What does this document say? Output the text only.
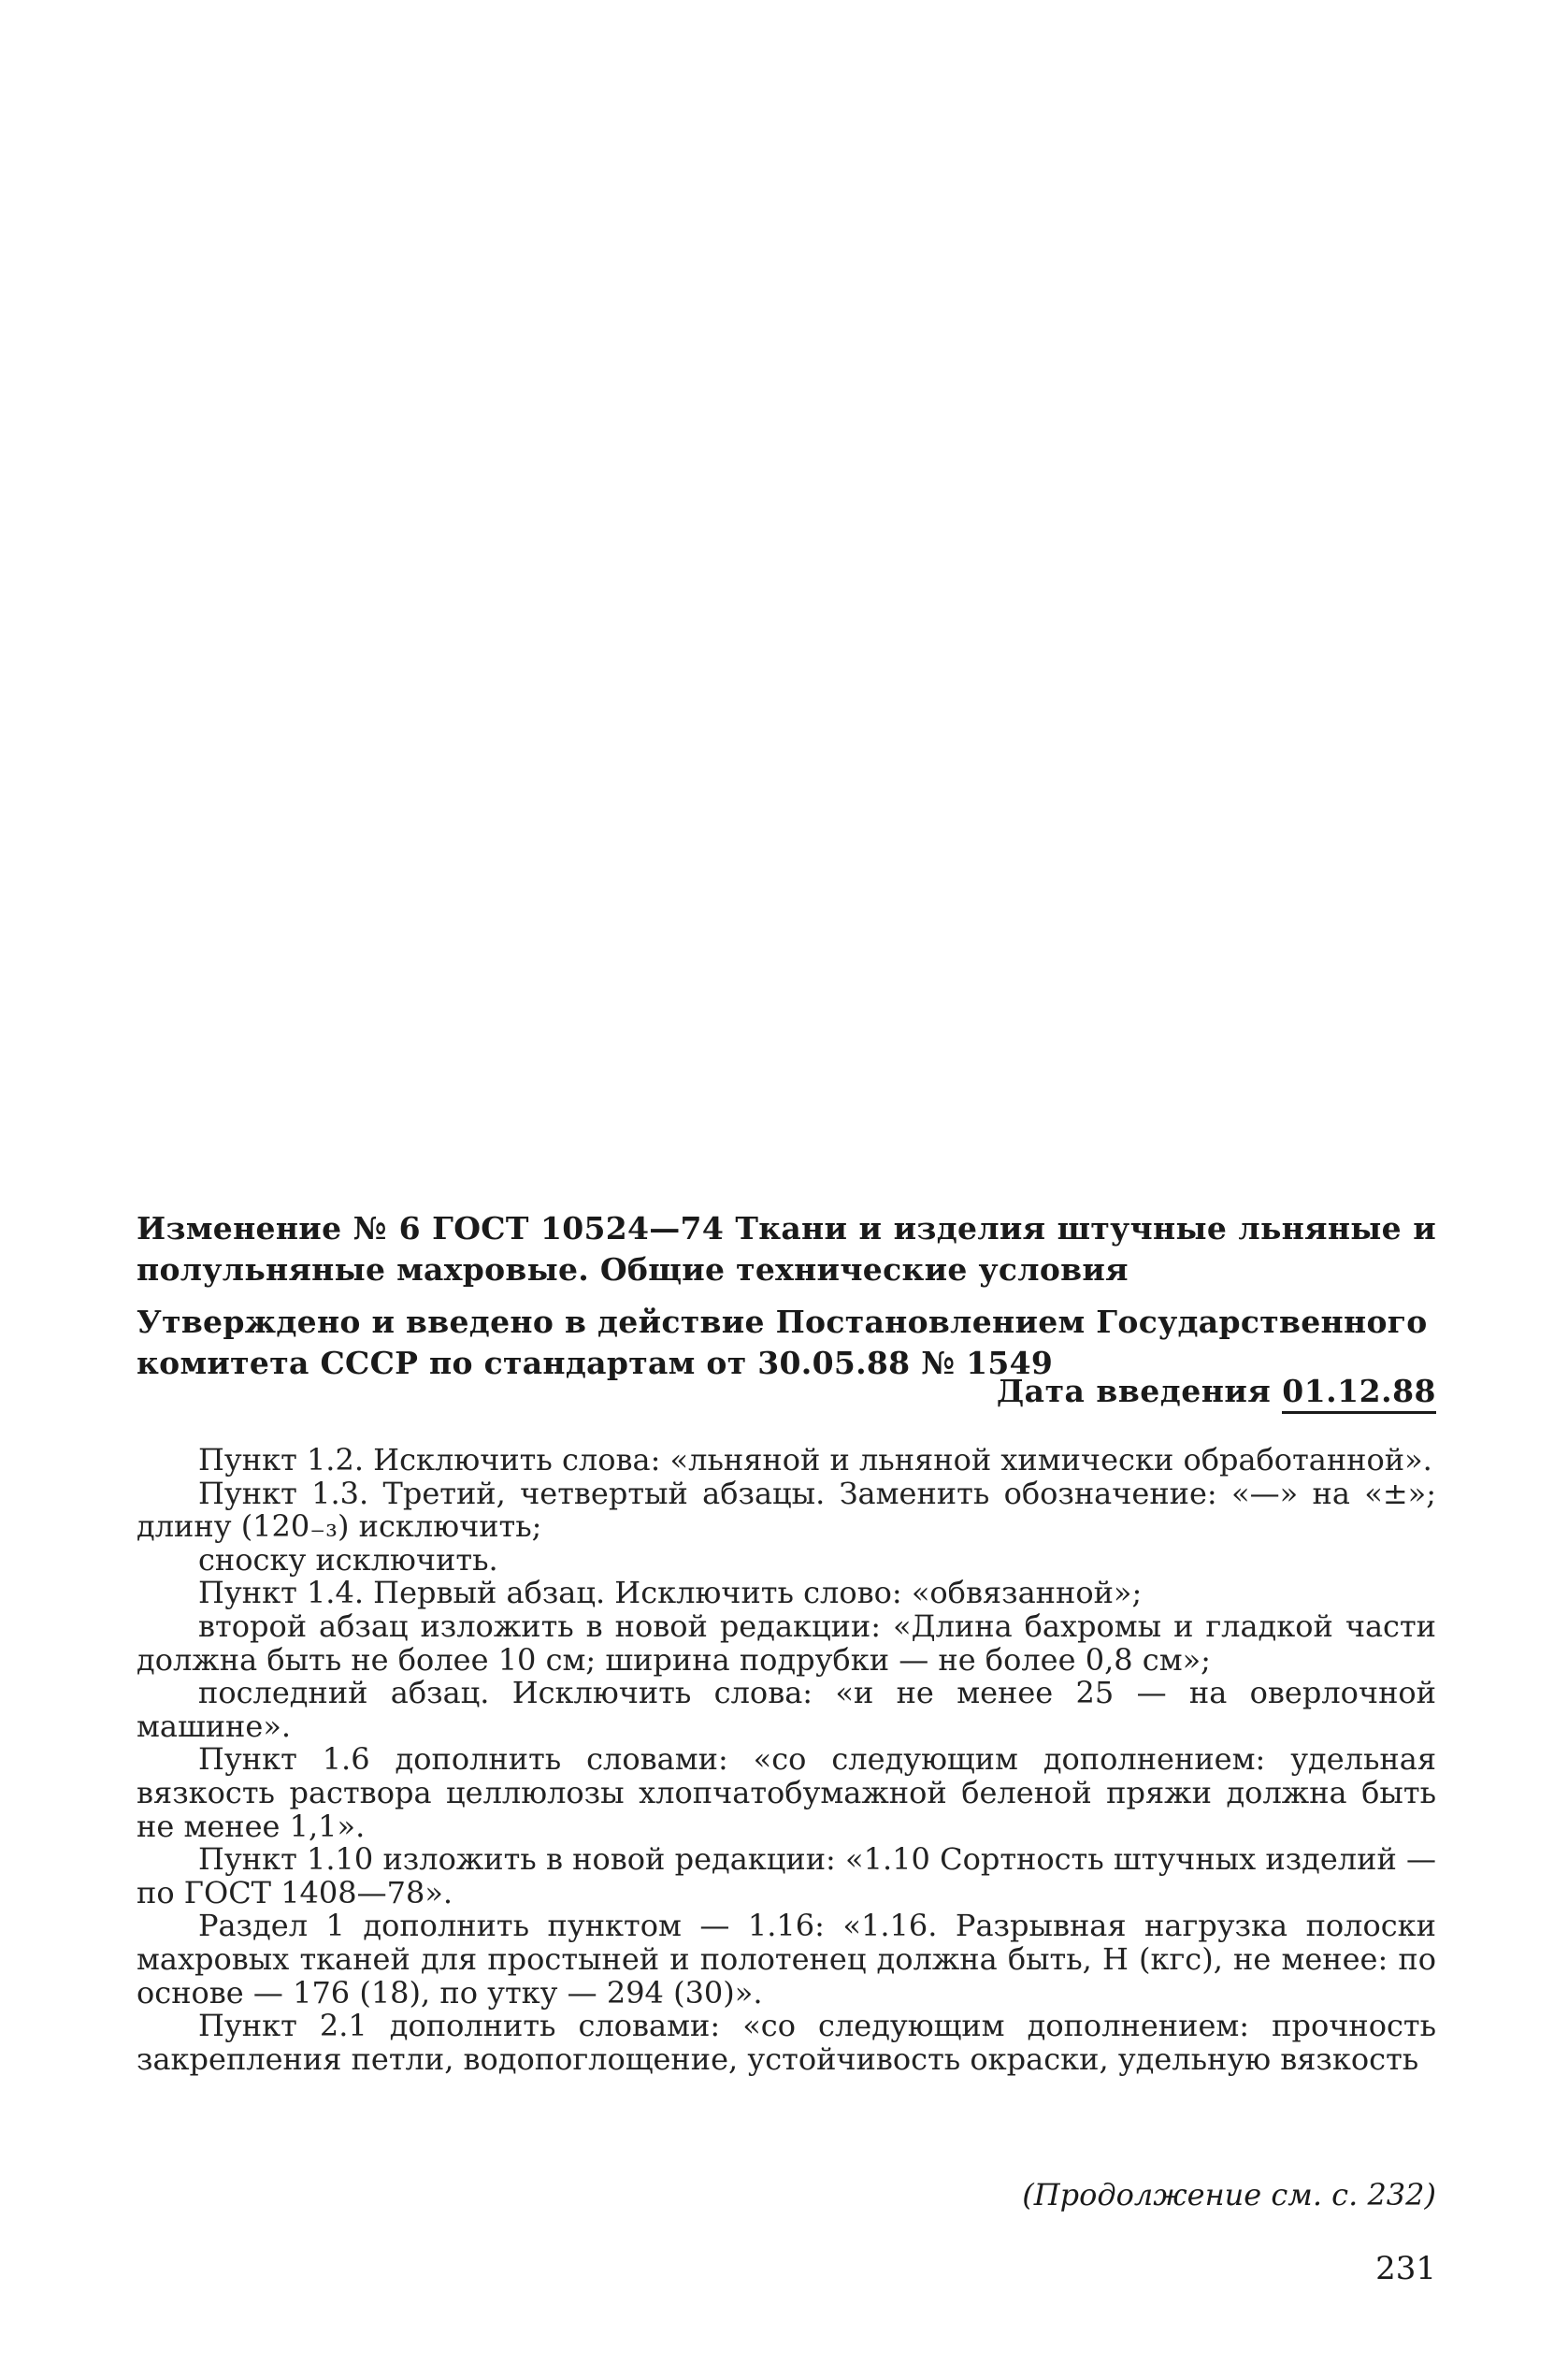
Изменение № 6 ГОСТ 10524—74 Ткани и изделия штучные льняные и полульняные махровые. Общие технические условия
Утверждено и введено в действие Постановлением Государственного комитета СССР по стандартам от 30.05.88 № 1549
Дата введения 01.12.88

Пункт 1.2. Исключить слова: «льняной и льняной химически обработанной».

Пункт 1.3. Третий, четвертый абзацы. Заменить обозначение: «—» на «±»; длину (120₋₃) исключить;

сноску исключить.

Пункт 1.4. Первый абзац. Исключить слово: «обвязанной»;

второй абзац изложить в новой редакции: «Длина бахромы и гладкой части должна быть не более 10 см; ширина подрубки — не более 0,8 см»;

последний абзац. Исключить слова: «и не менее 25 — на оверлочной машине».

Пункт 1.6 дополнить словами: «со следующим дополнением: удельная вязкость раствора целлюлозы хлопчатобумажной беленой пряжи должна быть не менее 1,1».

Пункт 1.10 изложить в новой редакции: «1.10 Сортность штучных изделий — по ГОСТ 1408—78».

Раздел 1 дополнить пунктом — 1.16: «1.16. Разрывная нагрузка полоски махровых тканей для простыней и полотенец должна быть, Н (кгс), не менее: по основе — 176 (18), по утку — 294 (30)».

Пункт 2.1 дополнить словами: «со следующим дополнением: прочность закрепления петли, водопоглощение, устойчивость окраски, удельную вязкость

(Продолжение см. с. 232)
231
